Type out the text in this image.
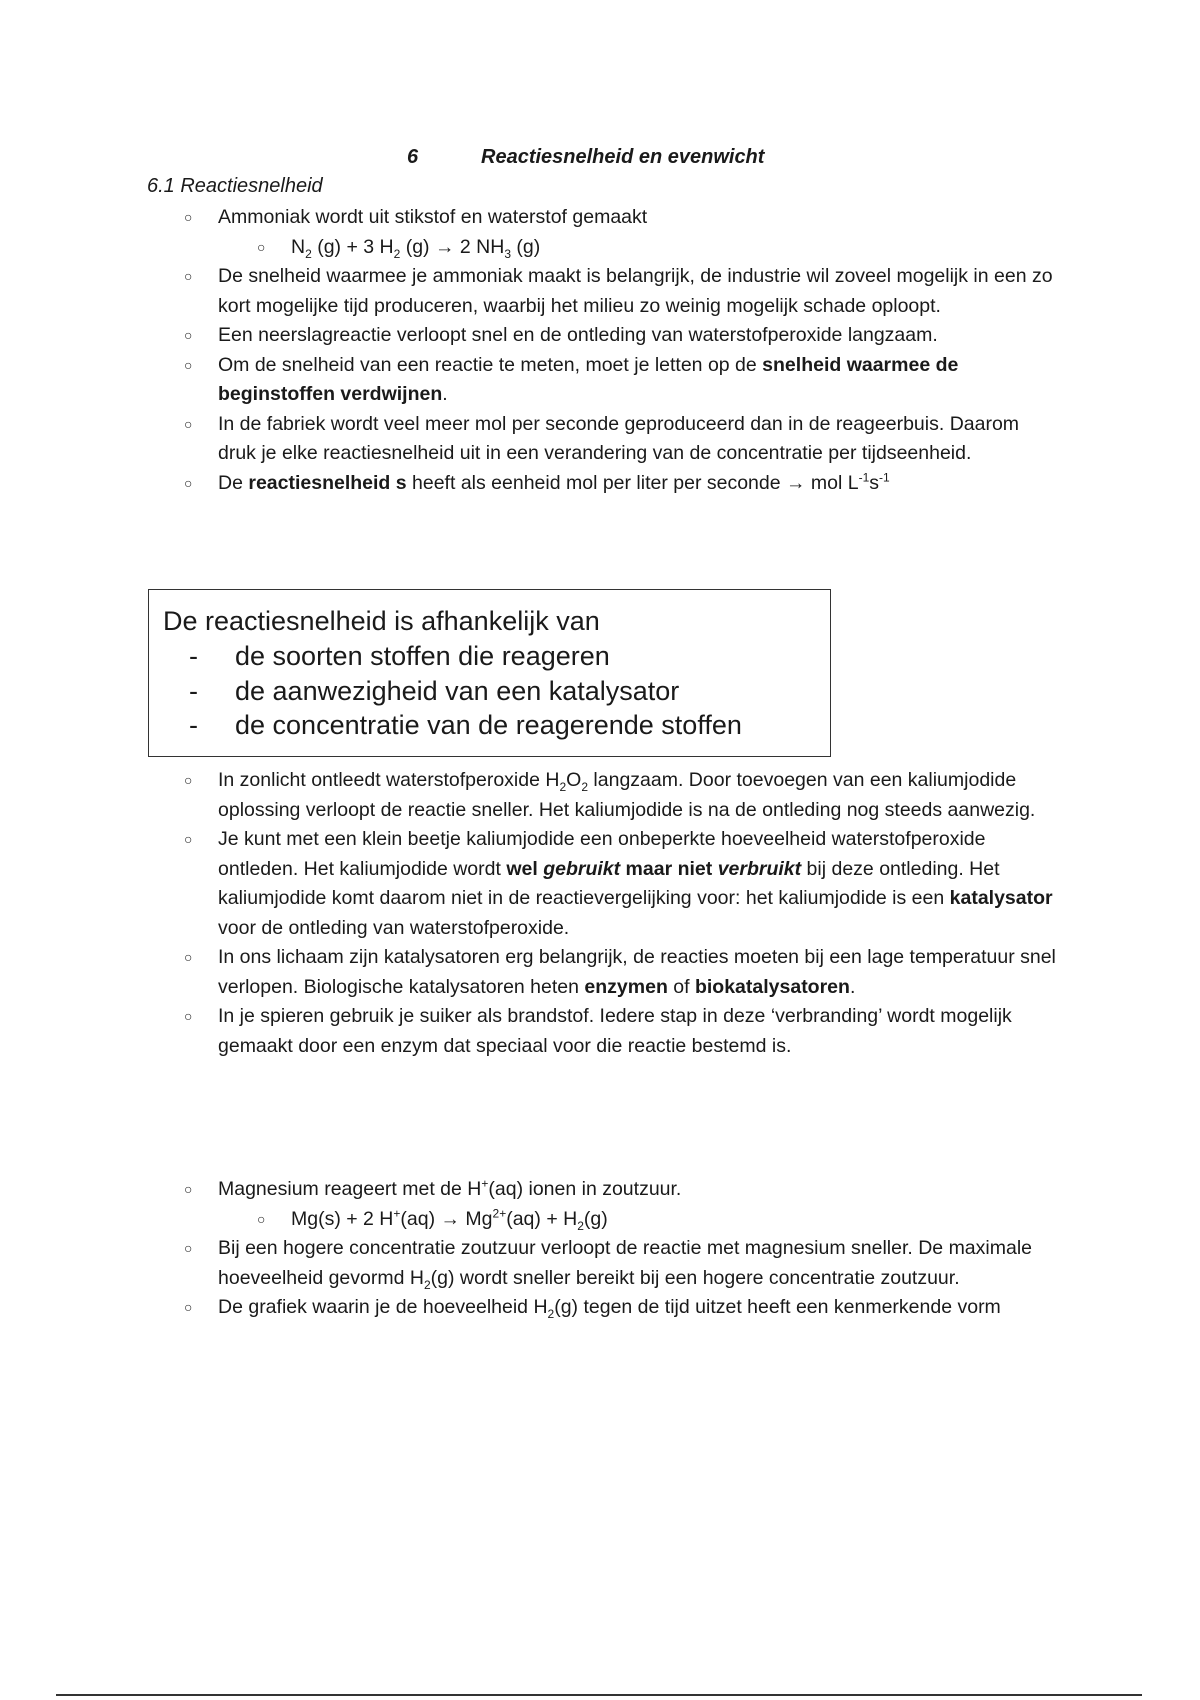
6	Reactiesnelheid en evenwicht
6.1 Reactiesnelheid
○ Ammoniak wordt uit stikstof en waterstof gemaakt
○ $N_2$ (g) + 3 $H_2$ (g) → 2 $NH_3$ (g)
○ De snelheid waarmee je ammoniak maakt is belangrijk, de industrie wil zoveel mogelijk in een zo kort mogelijke tijd produceren, waarbij het milieu zo weinig mogelijk schade oploopt.
○ Een neerslagreactie verloopt snel en de ontleding van waterstofperoxide langzaam.
○ Om de snelheid van een reactie te meten, moet je letten op de snelheid waarmee de beginstoffen verdwijnen.
○ In de fabriek wordt veel meer mol per seconde geproduceerd dan in de reageerbuis. Daarom druk je elke reactiesnelheid uit in een verandering van de concentratie per tijdseenheid.
○ De reactiesnelheid s heeft als eenheid mol per liter per seconde → mol $L^{-1}s^{-1}$
De reactiesnelheid is afhankelijk van
- de soorten stoffen die reageren
- de aanwezigheid van een katalysator
- de concentratie van de reagerende stoffen
○ In zonlicht ontleedt waterstofperoxide $H_2O_2$ langzaam. Door toevoegen van een kaliumjodide oplossing verloopt de reactie sneller. Het kaliumjodide is na de ontleding nog steeds aanwezig.
○ Je kunt met een klein beetje kaliumjodide een onbeperkte hoeveelheid waterstofperoxide ontleden. Het kaliumjodide wordt wel gebruikt maar niet verbruikt bij deze ontleding. Het kaliumjodide komt daarom niet in de reactievergelijking voor: het kaliumjodide is een katalysator voor de ontleding van waterstofperoxide.
○ In ons lichaam zijn katalysatoren erg belangrijk, de reacties moeten bij een lage temperatuur snel verlopen. Biologische katalysatoren heten enzymen of biokatalysatoren.
○ In je spieren gebruik je suiker als brandstof. Iedere stap in deze ‘verbranding’ wordt mogelijk gemaakt door een enzym dat speciaal voor die reactie bestemd is.
○ Magnesium reageert met de H+(aq) ionen in zoutzuur.
○ Mg(s) + 2 $H^+(aq) \to Mg^{2+}(aq) + H_2(g)$
○ Bij een hogere concentratie zoutzuur verloopt de reactie met magnesium sneller. De maximale hoeveelheid gevormd $H_2(g)$ wordt sneller bereikt bij een hogere concentratie zoutzuur.
○ De grafiek waarin je de hoeveelheid $H_2(g)$ tegen de tijd uitzet heeft een kenmerkende vorm
